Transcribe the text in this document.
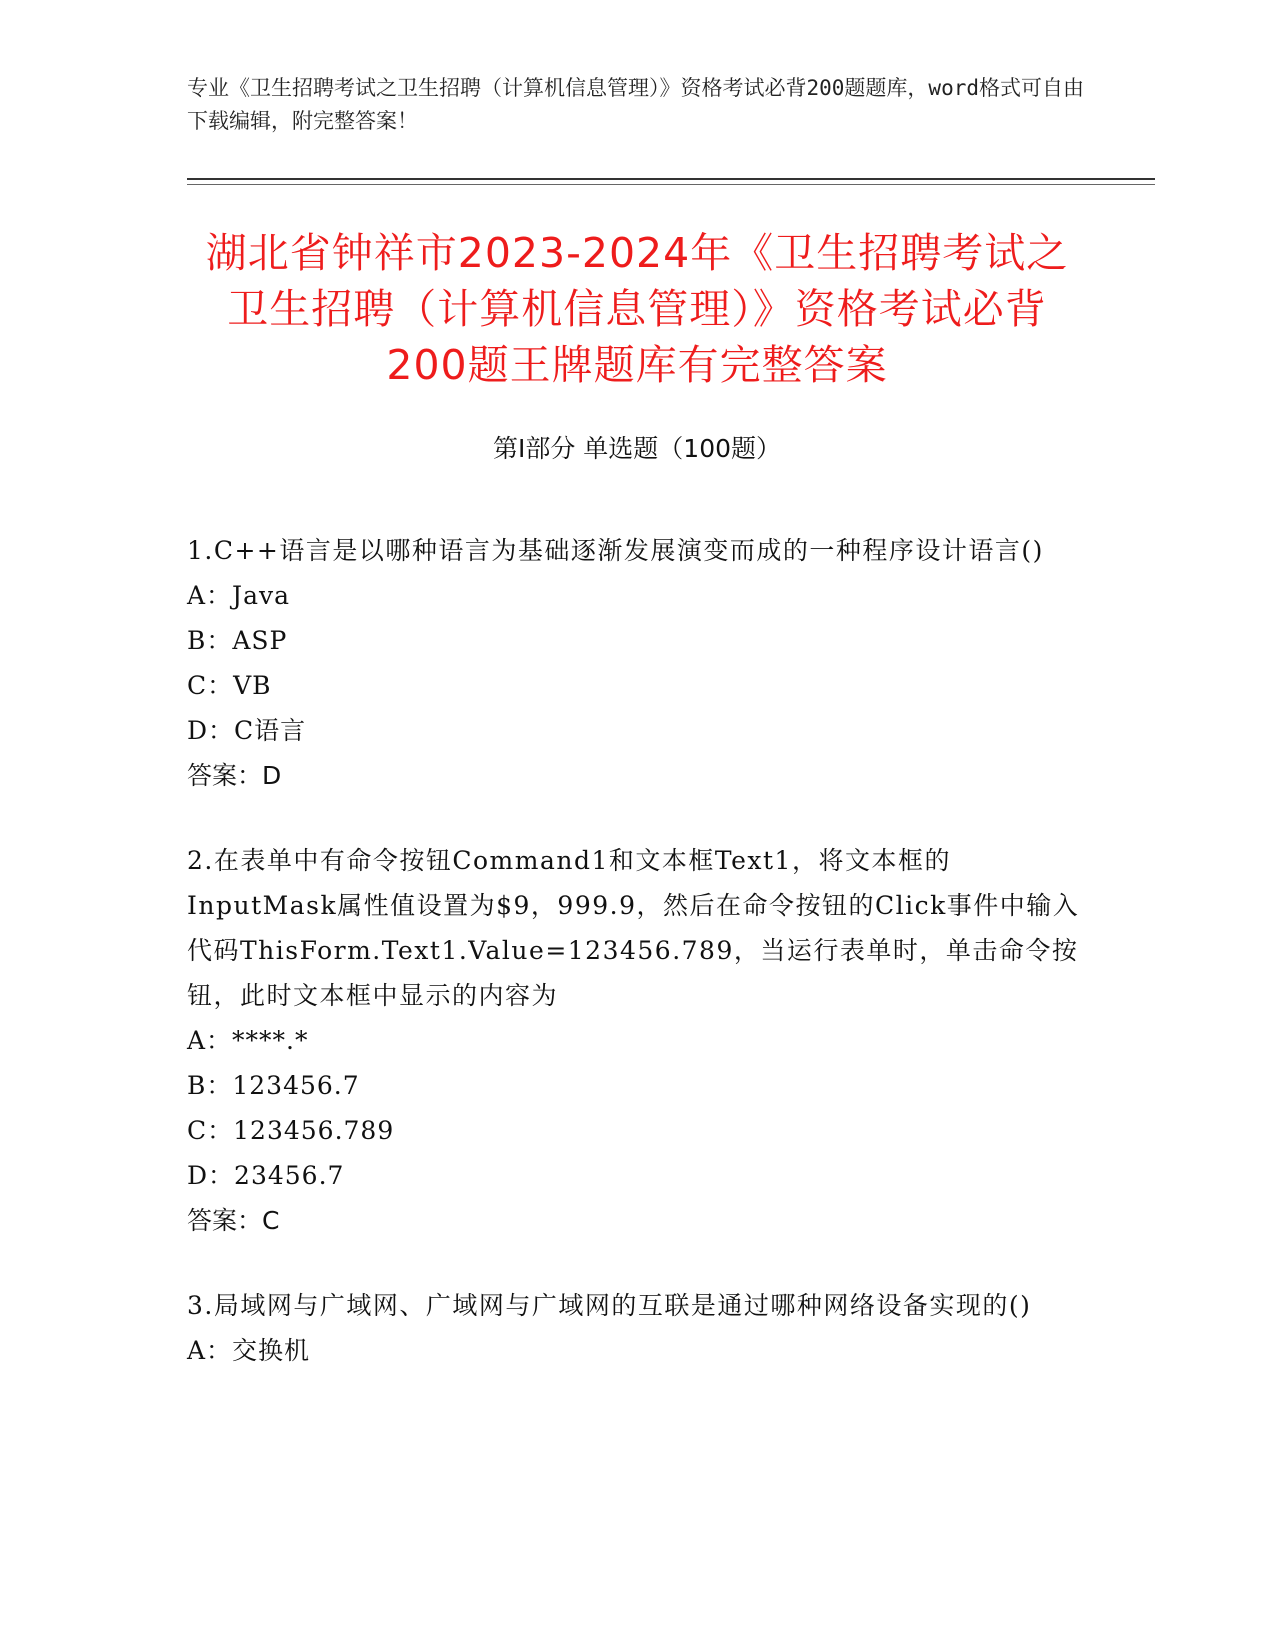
专业《卫生招聘考试之卫生招聘（计算机信息管理）》资格考试必背200题题库，word格式可自由下载编辑，附完整答案！
湖北省钟祥市2023-2024年《卫生招聘考试之卫生招聘（计算机信息管理）》资格考试必背200题王牌题库有完整答案
第I部分 单选题（100题）

1.C++语言是以哪种语言为基础逐渐发展演变而成的一种程序设计语言()

A：Java

B：ASP

C：VB

D：C语言

答案：D

2.在表单中有命令按钮Command1和文本框Text1，将文本框的InputMask属性值设置为$9，999.9，然后在命令按钮的Click事件中输入代码ThisForm.Text1.Value=123456.789，当运行表单时，单击命令按钮，此时文本框中显示的内容为

A：****.*

B：123456.7

C：123456.789

D：23456.7

答案：C

3.局域网与广域网、广域网与广域网的互联是通过哪种网络设备实现的()

A：交换机
